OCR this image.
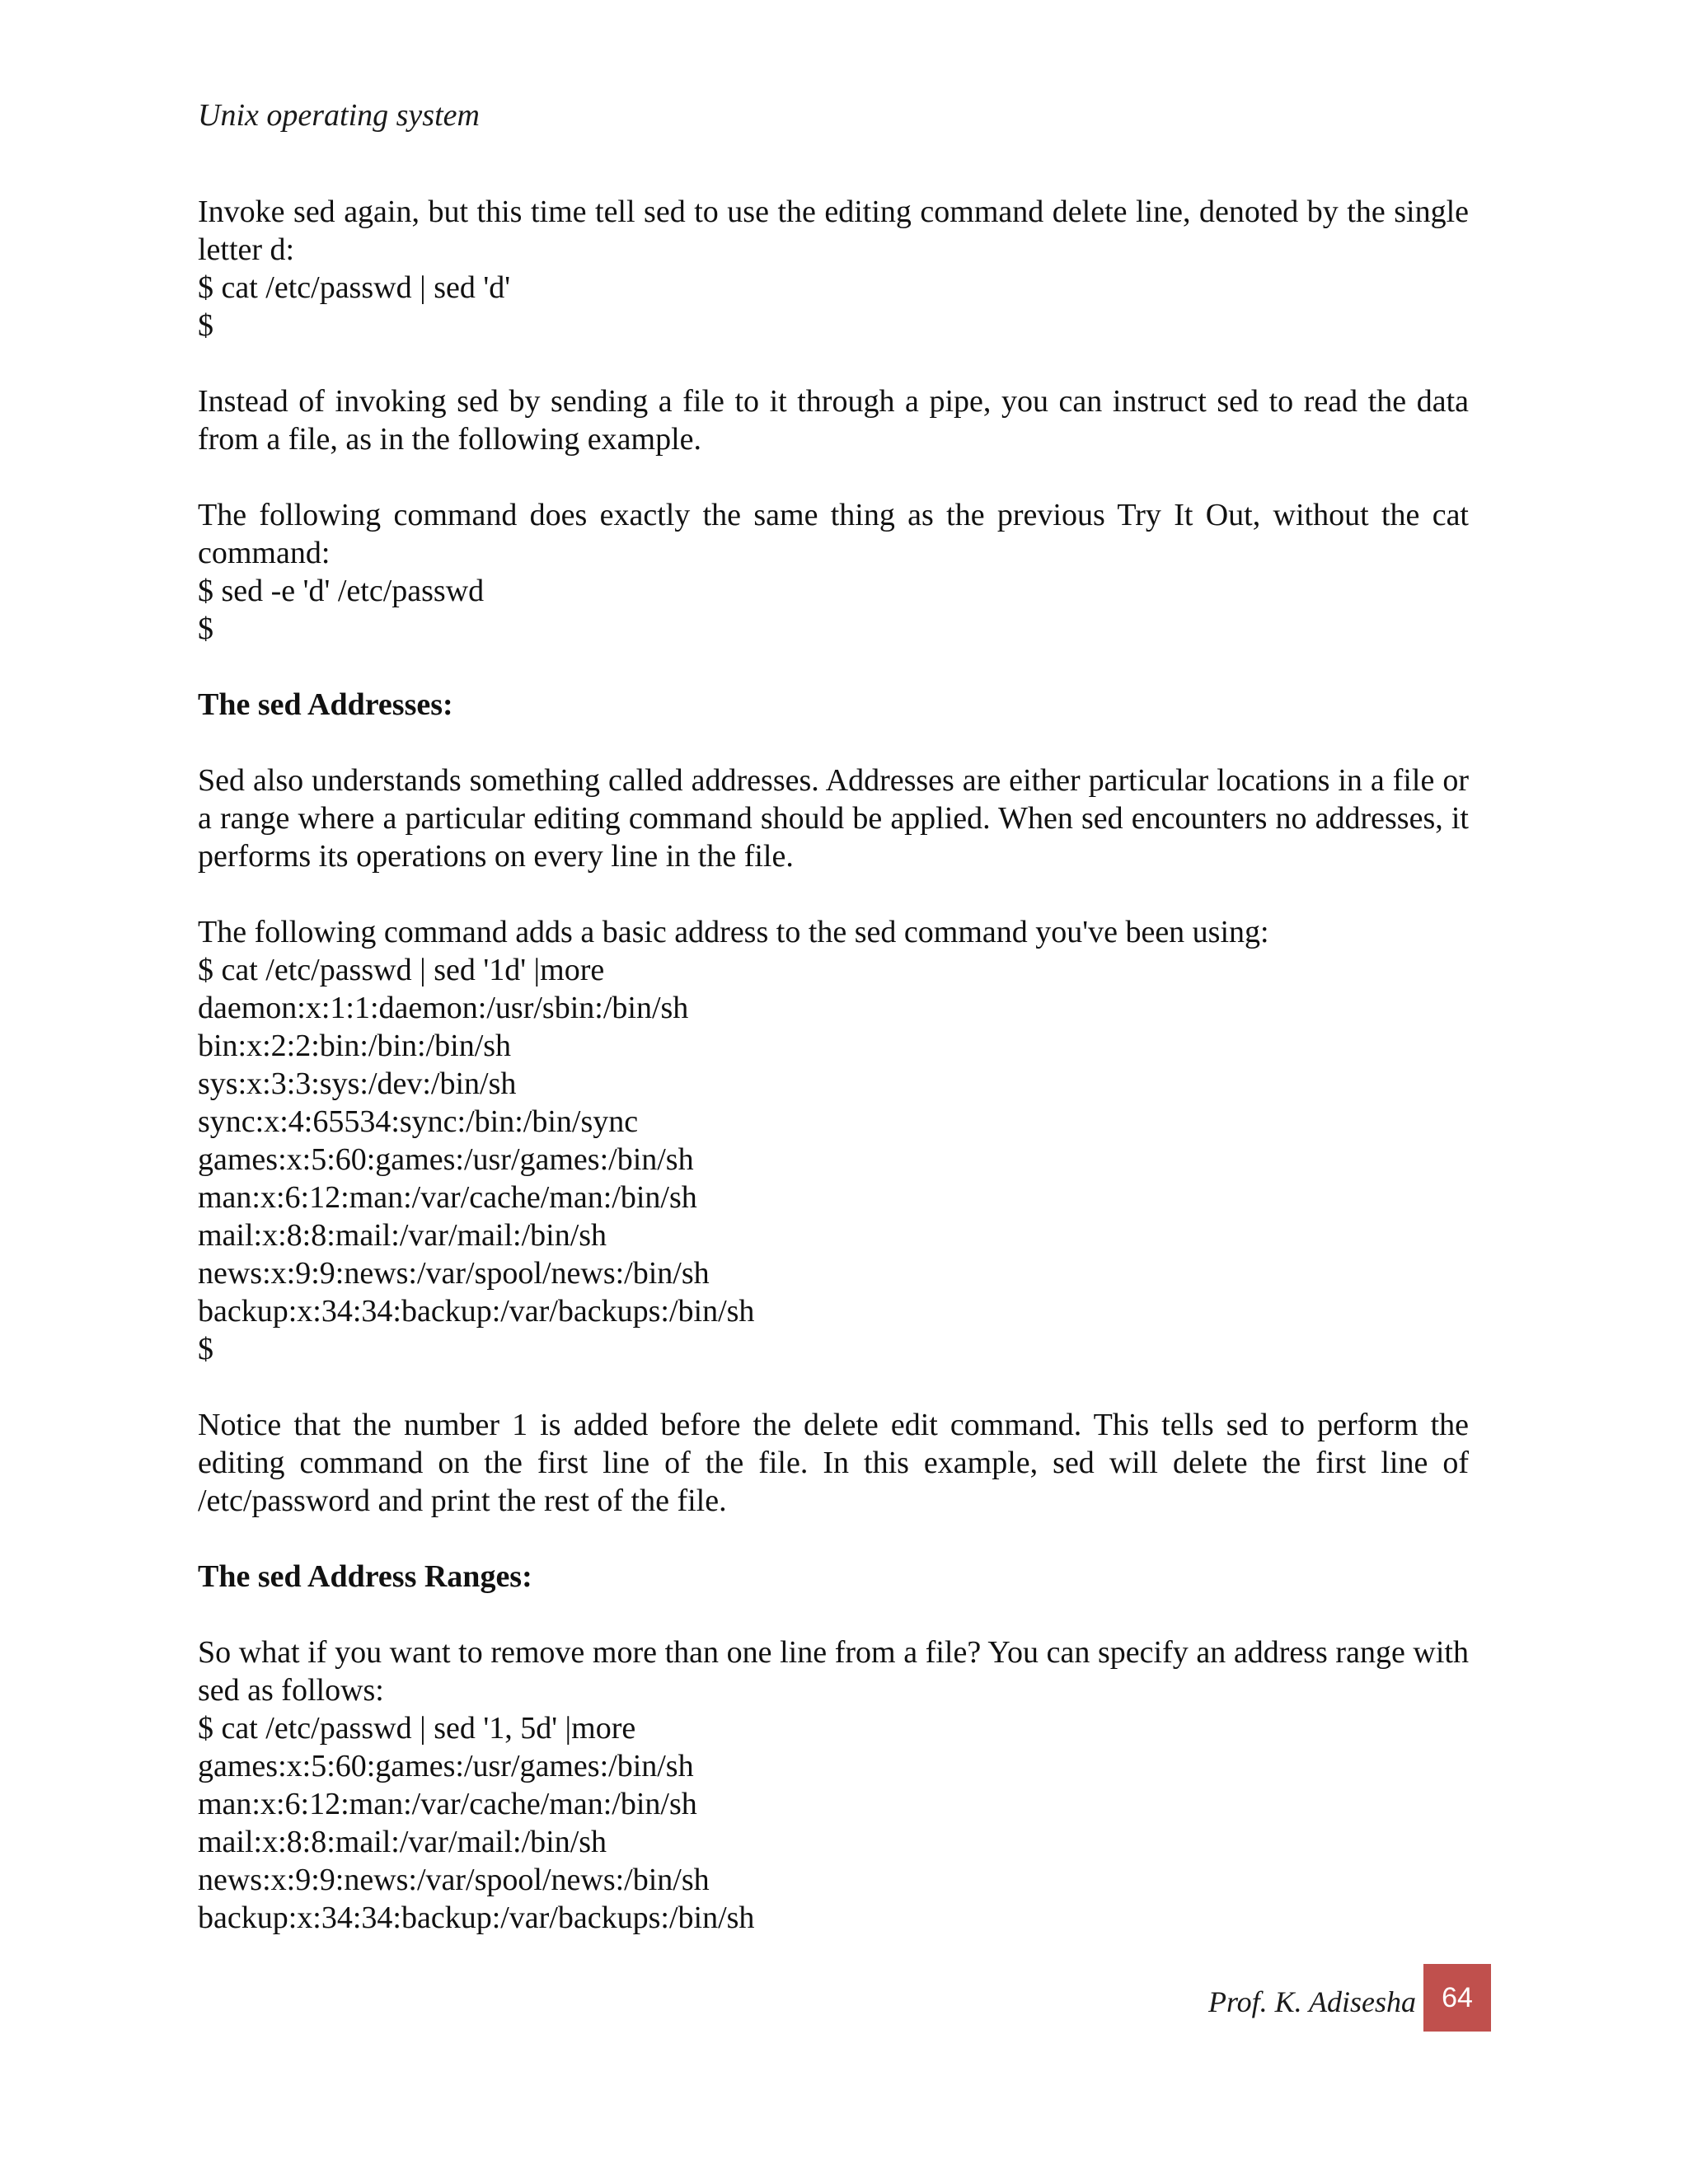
Unix operating system

Invoke sed again, but this time tell sed to use the editing command delete line, denoted by the single letter d:

$ cat /etc/passwd | sed 'd'
$

Instead of invoking sed by sending a file to it through a pipe, you can instruct sed to read the data from a file, as in the following example.

The following command does exactly the same thing as the previous Try It Out, without the cat command:

$ sed -e 'd' /etc/passwd
$
The sed Addresses:

Sed also understands something called addresses. Addresses are either particular locations in a file or a range where a particular editing command should be applied. When sed encounters no addresses, it performs its operations on every line in the file.

The following command adds a basic address to the sed command you've been using:

$ cat /etc/passwd | sed '1d' |more
daemon:x:1:1:daemon:/usr/sbin:/bin/sh
bin:x:2:2:bin:/bin:/bin/sh
sys:x:3:3:sys:/dev:/bin/sh
sync:x:4:65534:sync:/bin:/bin/sync
games:x:5:60:games:/usr/games:/bin/sh
man:x:6:12:man:/var/cache/man:/bin/sh
mail:x:8:8:mail:/var/mail:/bin/sh
news:x:9:9:news:/var/spool/news:/bin/sh
backup:x:34:34:backup:/var/backups:/bin/sh
$

Notice that the number 1 is added before the delete edit command. This tells sed to perform the editing command on the first line of the file. In this example, sed will delete the first line of /etc/password and print the rest of the file.

The sed Address Ranges:

So what if you want to remove more than one line from a file? You can specify an address range with sed as follows:

$ cat /etc/passwd | sed '1, 5d' |more
games:x:5:60:games:/usr/games:/bin/sh
man:x:6:12:man:/var/cache/man:/bin/sh
mail:x:8:8:mail:/var/mail:/bin/sh
news:x:9:9:news:/var/spool/news:/bin/sh
backup:x:34:34:backup:/var/backups:/bin/sh
Prof. K. Adisesha 64
